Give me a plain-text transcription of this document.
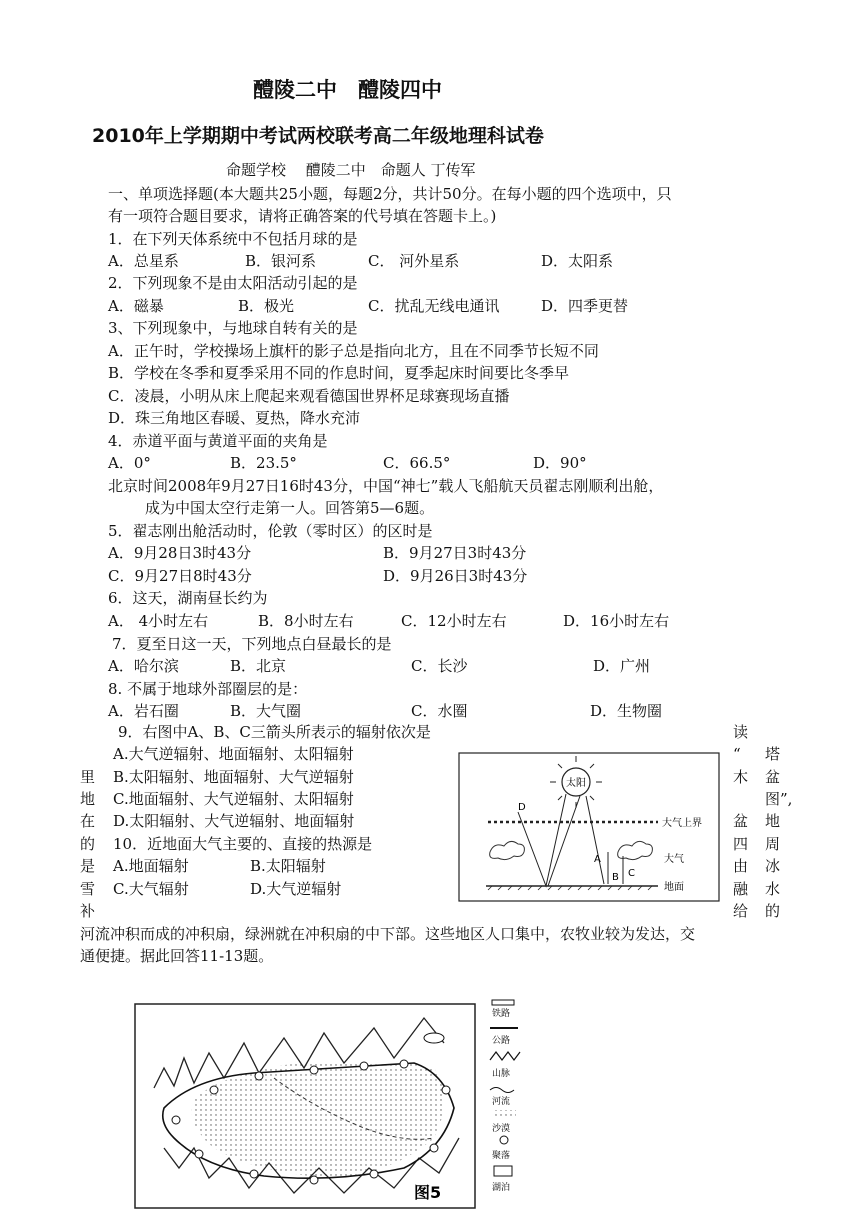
醴陵二中　醴陵四中
2010年上学期期中考试两校联考高二年级地理科试卷
命题学校　 醴陵二中　命题人 丁传军
一、单项选择题(本大题共25小题，每题2分，共计50分。在每小题的四个选项中，只
有一项符合题目要求，请将正确答案的代号填在答题卡上。)
1．在下列天体系统中不包括月球的是
A．总星系	B．银河系	C． 河外星系	D．太阳系
2．下列现象不是由太阳活动引起的是
A．磁暴	B．极光	C．扰乱无线电通讯	D．四季更替
3、下列现象中，与地球自转有关的是
A．正午时，学校操场上旗杆的影子总是指向北方，且在不同季节长短不同
B．学校在冬季和夏季采用不同的作息时间，夏季起床时间要比冬季早
C．凌晨，小明从床上爬起来观看德国世界杯足球赛现场直播
D．珠三角地区春暖、夏热，降水充沛
4．赤道平面与黄道平面的夹角是
A．0°	B．23.5°	C．66.5°	D．90°
北京时间2008年9月27日16时43分，中国“神七”载人飞船航天员翟志刚顺利出舱，
成为中国太空行走第一人。回答第5—6题。
5．翟志刚出舱活动时，伦敦（零时区）的区时是
A．9月28日3时43分	B．9月27日3时43分
C．9月27日8时43分	D．9月26日3时43分
6．这天，湖南昼长约为
A． 4小时左右	B．8小时左右	C．12小时左右	D．16小时左右
7．夏至日这一天，下列地点白昼最长的是
A．哈尔滨	B．北京	C．长沙	D．广州
8. 不属于地球外部圈层的是：
A．岩石圈	B．大气圈	C．水圈	D．生物圈
9．右图中A、B、C三箭头所表示的辐射依次是
A.大气逆辐射、地面辐射、太阳辐射
B.太阳辐射、地面辐射、大气逆辐射
C.地面辐射、大气逆辐射、太阳辐射
D.太阳辐射、大气逆辐射、地面辐射
10．近地面大气主要的、直接的热源是
A.地面辐射	B.太阳辐射
C.大气辐射	D.大气逆辐射
里
地
在
的
是
雪
补
读
“
木
盆
四
由
融
给
塔
盆
图”,
地
周
冰
水
的
太阳
大气上界
大气
地面
D
A
B C
河流冲积而成的冲积扇，绿洲就在冲积扇的中下部。这些地区人口集中，农牧业较为发达，交
通便捷。据此回答11-13题。
图5
铁路
公路
山脉
河流
沙漠
聚落
湖泊
